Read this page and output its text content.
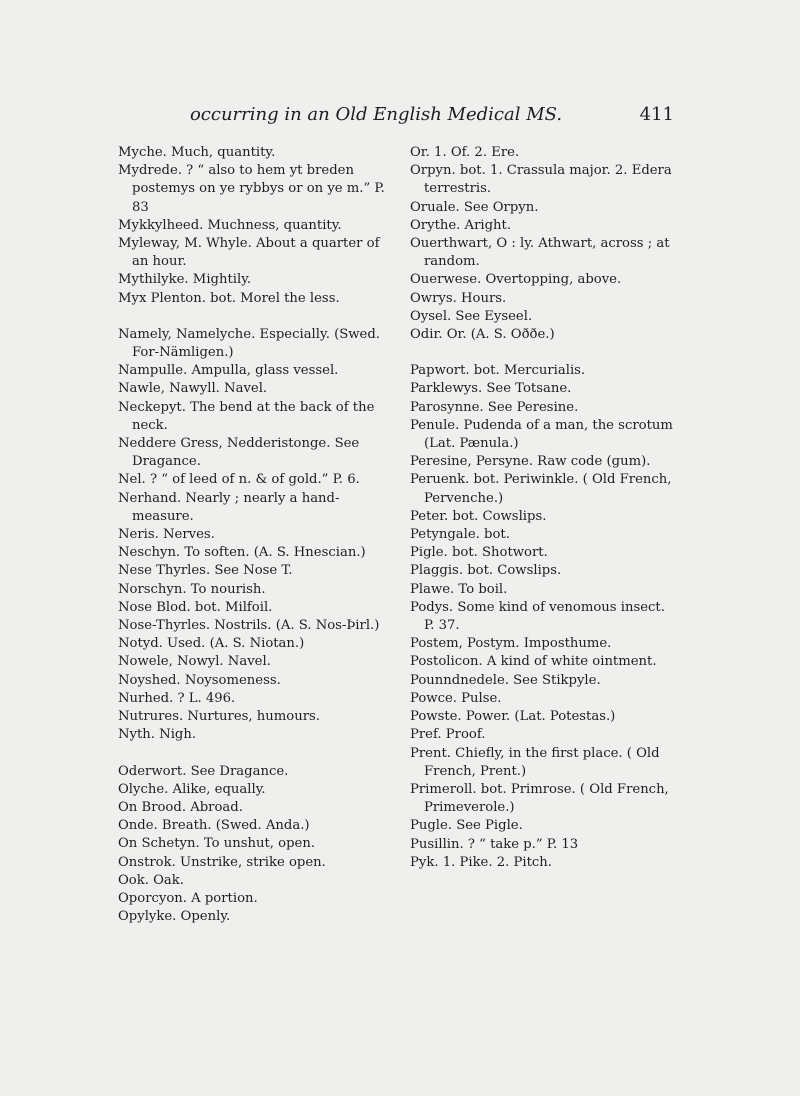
occurring in an Old English Medical MS.	411

Myche. Much, quantity.

Mydrede. ? “ also to hem yt breden postemys on ye rybbys or on ye m.” P. 83

Mykkylheed. Muchness, quantity.

Myleway, M. Whyle. About a quarter of an hour.

Mythilyke. Mightily.

Myx Plenton. bot. Morel the less.

Namely, Namelyche. Especially. (Swed. For-Nämligen.)

Nampulle. Ampulla, glass vessel.

Nawle, Nawyll. Navel.

Neckepyt. The bend at the back of the neck.

Neddere Gress, Nedderistonge. See Dragance.

Nel. ? “ of leed of n. & of gold.” P. 6.

Nerhand. Nearly ; nearly a hand-measure.

Neris. Nerves.

Neschyn. To soften. (A. S. Hnescian.)

Nese Thyrles. See Nose T.

Norschyn. To nourish.

Nose Blod. bot. Milfoil.

Nose-Thyrles. Nostrils. (A. S. Nos-Þirl.)

Notyd. Used. (A. S. Niotan.)

Nowele, Nowyl. Navel.

Noyshed. Noysomeness.

Nurhed. ? L. 496.

Nutrures. Nurtures, humours.

Nyth. Nigh.

Oderwort. See Dragance.

Olyche. Alike, equally.

On Brood. Abroad.

Onde. Breath. (Swed. Anda.)

On Schetyn. To unshut, open.

Onstrok. Unstrike, strike open.

Ook. Oak.

Oporcyon. A portion.

Opylyke. Openly.

Or. 1. Of. 2. Ere.

Orpyn. bot. 1. Crassula major. 2. Edera terrestris.

Oruale. See Orpyn.

Orythe. Aright.

Ouerthwart, O : ly. Athwart, across ; at random.

Ouerwese. Overtopping, above.

Owrys. Hours.

Oysel. See Eyseel.

Odir. Or. (A. S. Oððe.)

Papwort. bot. Mercurialis.

Parklewys. See Totsane.

Parosynne. See Peresine.

Penule. Pudenda of a man, the scrotum (Lat. Pænula.)

Peresine, Persyne. Raw code (gum).

Peruenk. bot. Periwinkle. ( Old French, Pervenche.)

Peter. bot. Cowslips.

Petyngale. bot.

Pigle. bot. Shotwort.

Plaggis. bot. Cowslips.

Plawe. To boil.

Podys. Some kind of venomous insect. P. 37.

Postem, Postym. Imposthume.

Postolicon. A kind of white ointment.

Pounndnedele. See Stikpyle.

Powce. Pulse.

Powste. Power. (Lat. Potestas.)

Pref. Proof.

Prent. Chiefly, in the first place. ( Old French, Prent.)

Primeroll. bot. Primrose. ( Old French, Primeverole.)

Pugle. See Pigle.

Pusillin. ? “ take p.” P. 13

Pyk. 1. Pike. 2. Pitch.
